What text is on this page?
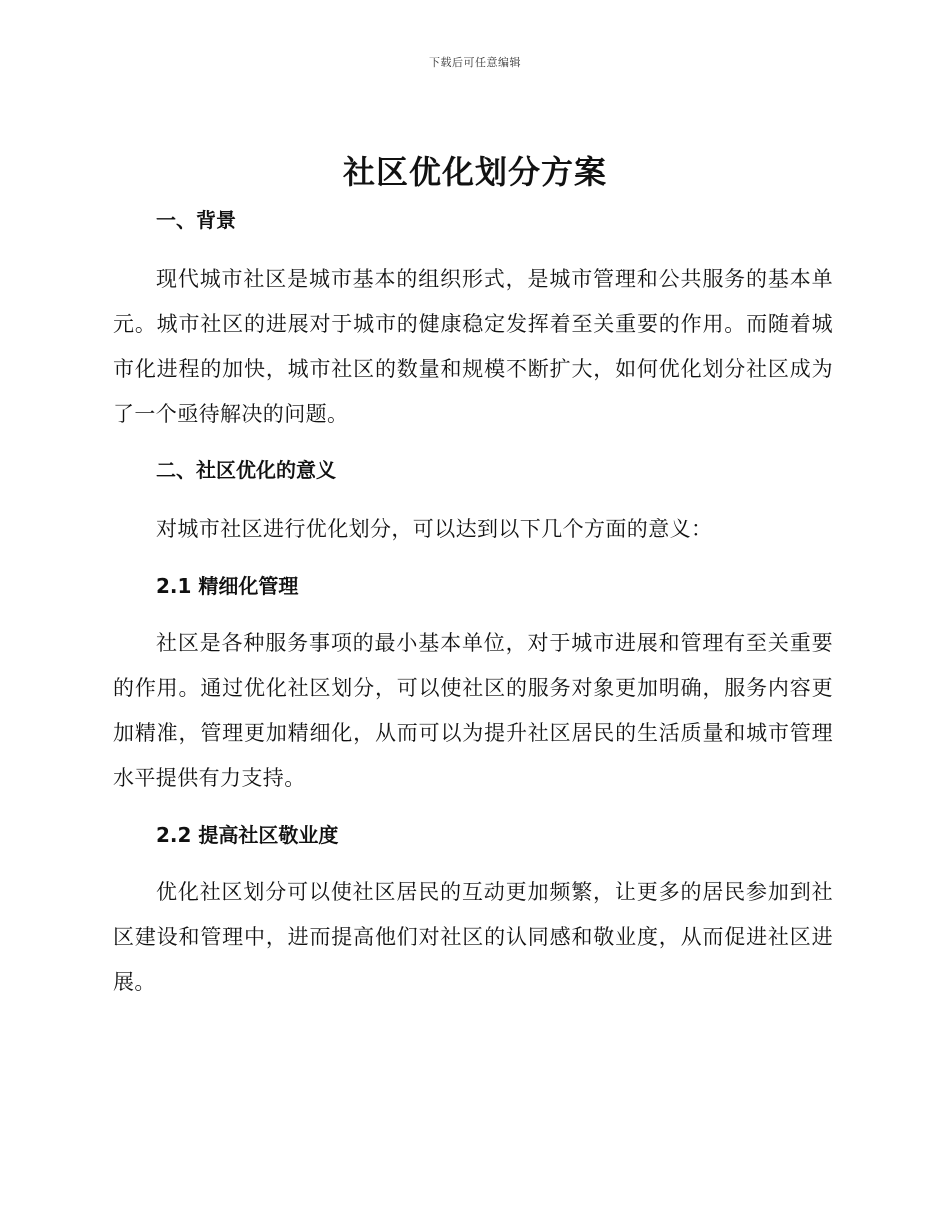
下载后可任意编辑
社区优化划分方案
一、背景

现代城市社区是城市基本的组织形式，是城市管理和公共服务的基本单元。城市社区的进展对于城市的健康稳定发挥着至关重要的作用。而随着城市化进程的加快，城市社区的数量和规模不断扩大，如何优化划分社区成为了一个亟待解决的问题。

二、社区优化的意义

对城市社区进行优化划分，可以达到以下几个方面的意义：

2.1 精细化管理

社区是各种服务事项的最小基本单位，对于城市进展和管理有至关重要的作用。通过优化社区划分，可以使社区的服务对象更加明确，服务内容更加精准，管理更加精细化，从而可以为提升社区居民的生活质量和城市管理水平提供有力支持。

2.2 提高社区敬业度

优化社区划分可以使社区居民的互动更加频繁，让更多的居民参加到社区建设和管理中，进而提高他们对社区的认同感和敬业度，从而促进社区进展。
